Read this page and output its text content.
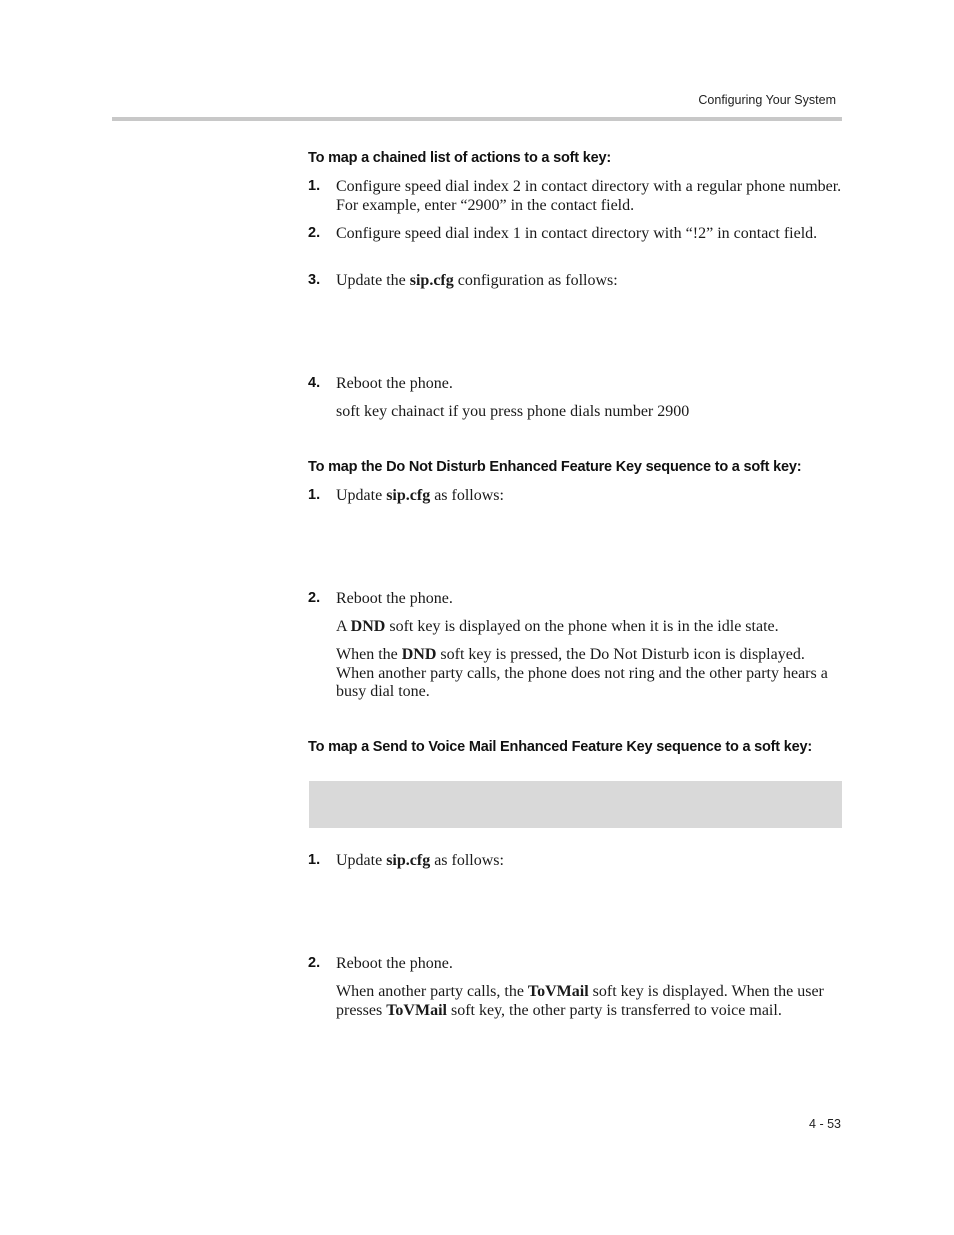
Configuring Your System
To map a chained list of actions to a soft key:
1. Configure speed dial index 2 in contact directory with a regular phone number. For example, enter “2900” in the contact field.
2. Configure speed dial index 1 in contact directory with “!2” in contact field.
3. Update the sip.cfg configuration as follows:
4. Reboot the phone.
soft key chainact if you press phone dials number 2900
To map the Do Not Disturb Enhanced Feature Key sequence to a soft key:
1. Update sip.cfg as follows:
2. Reboot the phone.
A DND soft key is displayed on the phone when it is in the idle state.
When the DND soft key is pressed, the Do Not Disturb icon is displayed. When another party calls, the phone does not ring and the other party hears a busy dial tone.
To map a Send to Voice Mail Enhanced Feature Key sequence to a soft key:
1. Update sip.cfg as follows:
2. Reboot the phone.
When another party calls, the ToVMail soft key is displayed. When the user presses ToVMail soft key, the other party is transferred to voice mail.
4 - 53
